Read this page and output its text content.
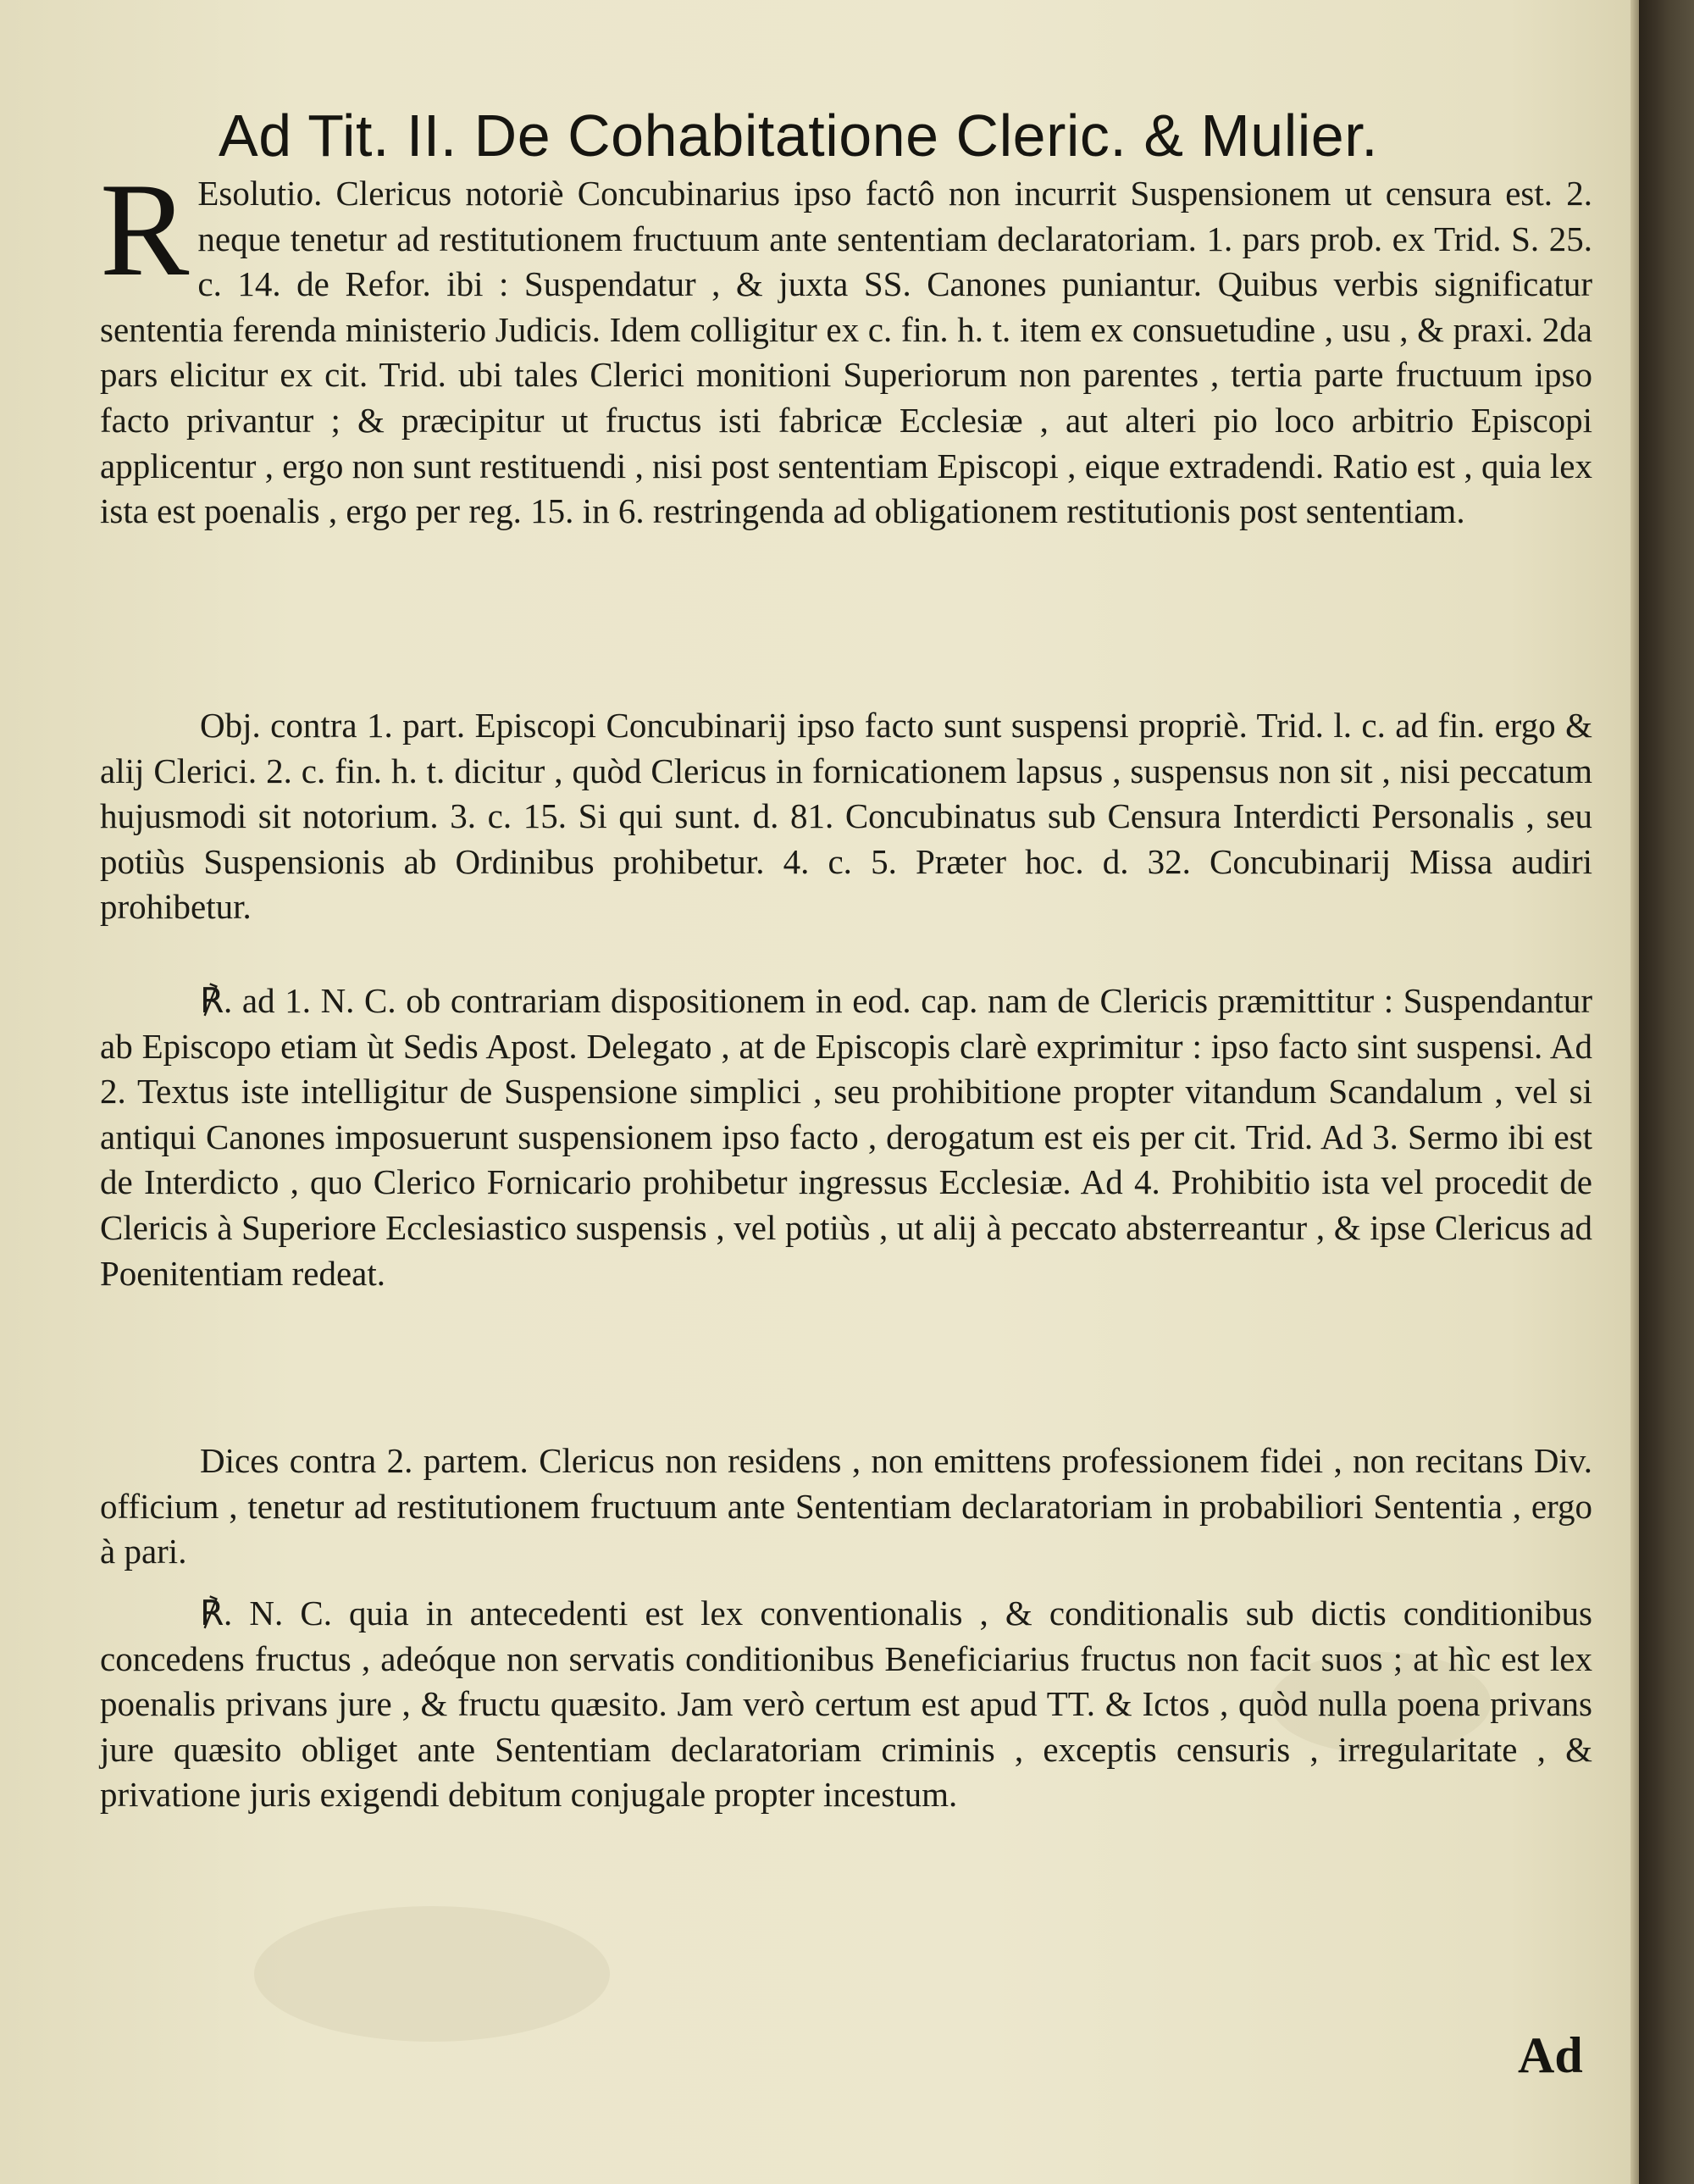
Ad Tit. II. De Cohabitatione Cleric. & Mulier.
R Esolutio. Clericus notoriè Concubinarius ipso factô non incurrit Suspensionem ut censura est. 2. neque tenetur ad restitutionem fructuum ante sententiam declaratoriam. 1. pars prob. ex Trid. S. 25. c. 14. de Refor. ibi : Suspendatur , & juxta SS. Canones puniantur. Quibus verbis significatur sententia ferenda ministerio Judicis. Idem colligitur ex c. fin. h. t. item ex consuetudine , usu , & praxi. 2da pars elicitur ex cit. Trid. ubi tales Clerici monitioni Superiorum non parentes , tertia parte fructuum ipso facto privantur ; & præcipitur ut fructus isti fabricæ Ecclesiæ , aut alteri pio loco arbitrio Episcopi applicentur , ergo non sunt restituendi , nisi post sententiam Episcopi , eique extradendi. Ratio est , quia lex ista est poenalis , ergo per reg. 15. in 6. restringenda ad obligationem restitutionis post sententiam.
Obj. contra 1. part. Episcopi Concubinarij ipso facto sunt suspensi propriè. Trid. l. c. ad fin. ergo & alij Clerici. 2. c. fin. h. t. dicitur , quòd Clericus in fornicationem lapsus , suspensus non sit , nisi peccatum hujusmodi sit notorium. 3. c. 15. Si qui sunt. d. 81. Concubinatus sub Censura Interdicti Personalis , seu potiùs Suspensionis ab Ordinibus prohibetur. 4. c. 5. Præter hoc. d. 32. Concubinarij Missa audiri prohibetur.
℟. ad 1. N. C. ob contrariam dispositionem in eod. cap. nam de Clericis præmittitur : Suspendantur ab Episcopo etiam ùt Sedis Apost. Delegato , at de Episcopis clarè exprimitur : ipso facto sint suspensi. Ad 2. Textus iste intelligitur de Suspensione simplici , seu prohibitione propter vitandum Scandalum , vel si antiqui Canones imposuerunt suspensionem ipso facto , derogatum est eis per cit. Trid. Ad 3. Sermo ibi est de Interdicto , quo Clerico Fornicario prohibetur ingressus Ecclesiæ. Ad 4. Prohibitio ista vel procedit de Clericis à Superiore Ecclesiastico suspensis , vel potiùs , ut alij à peccato absterreantur , & ipse Clericus ad Poenitentiam redeat.
Dices contra 2. partem. Clericus non residens , non emittens professionem fidei , non recitans Div. officium , tenetur ad restitutionem fructuum ante Sententiam declaratoriam in probabiliori Sententia , ergo à pari.
℟. N. C. quia in antecedenti est lex conventionalis , & conditionalis sub dictis conditionibus concedens fructus , adeóque non servatis conditionibus Beneficiarius fructus non facit suos ; at hìc est lex poenalis privans jure , & fructu quæsito. Jam verò certum est apud TT. & Ictos , quòd nulla poena privans jure quæsito obliget ante Sententiam declaratoriam criminis , exceptis censuris , irregularitate , & privatione juris exigendi debitum conjugale propter incestum.
Ad
